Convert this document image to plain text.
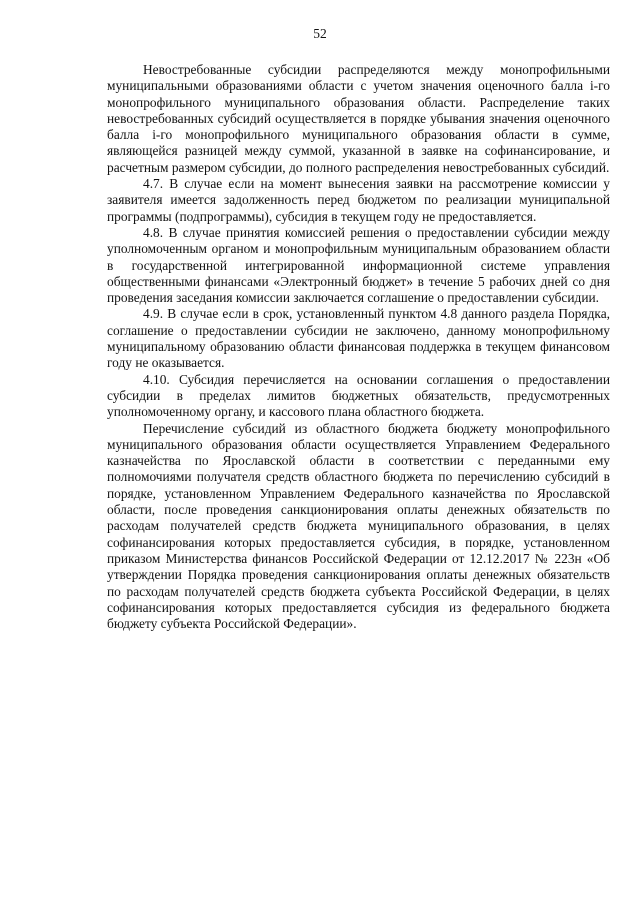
52

Невостребованные субсидии распределяются между монопрофильными муниципальными образованиями области с учетом значения оценочного балла i-го монопрофильного муниципального образования области. Распределение таких невостребованных субсидий осуществляется в порядке убывания значения оценочного балла i-го монопрофильного муниципального образования области в сумме, являющейся разницей между суммой, указанной в заявке на софинансирование, и расчетным размером субсидии, до полного распределения невостребованных субсидий.

4.7. В случае если на момент вынесения заявки на рассмотрение комиссии у заявителя имеется задолженность перед бюджетом по реализации муниципальной программы (подпрограммы), субсидия в текущем году не предоставляется.

4.8. В случае принятия комиссией решения о предоставлении субсидии между уполномоченным органом и монопрофильным муниципальным образованием области в государственной интегрированной информационной системе управления общественными финансами «Электронный бюджет» в течение 5 рабочих дней со дня проведения заседания комиссии заключается соглашение о предоставлении субсидии.

4.9. В случае если в срок, установленный пунктом 4.8 данного раздела Порядка, соглашение о предоставлении субсидии не заключено, данному монопрофильному муниципальному образованию области финансовая поддержка в текущем финансовом году не оказывается.

4.10. Субсидия перечисляется на основании соглашения о предоставлении субсидии в пределах лимитов бюджетных обязательств, предусмотренных уполномоченному органу, и кассового плана областного бюджета.

Перечисление субсидий из областного бюджета бюджету монопрофильного муниципального образования области осуществляется Управлением Федерального казначейства по Ярославской области в соответствии с переданными ему полномочиями получателя средств областного бюджета по перечислению субсидий в порядке, установленном Управлением Федерального казначейства по Ярославской области, после проведения санкционирования оплаты денежных обязательств по расходам получателей средств бюджета муниципального образования, в целях софинансирования которых предоставляется субсидия, в порядке, установленном приказом Министерства финансов Российской Федерации от 12.12.2017 № 223н «Об утверждении Порядка проведения санкционирования оплаты денежных обязательств по расходам получателей средств бюджета субъекта Российской Федерации, в целях софинансирования которых предоставляется субсидия из федерального бюджета бюджету субъекта Российской Федерации».
